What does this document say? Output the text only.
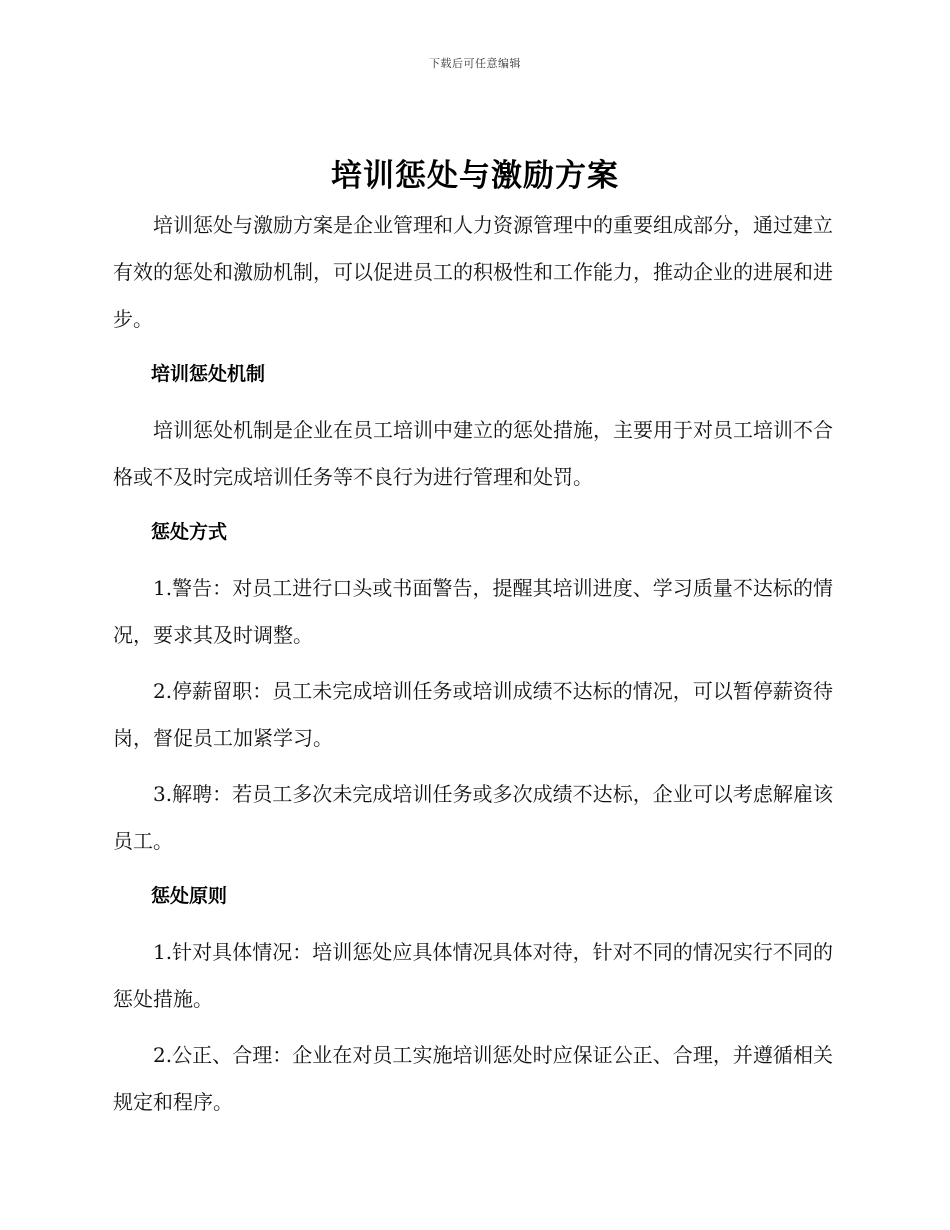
下载后可任意编辑
培训惩处与激励方案

培训惩处与激励方案是企业管理和人力资源管理中的重要组成部分，通过建立有效的惩处和激励机制，可以促进员工的积极性和工作能力，推动企业的进展和进步。

培训惩处机制

培训惩处机制是企业在员工培训中建立的惩处措施，主要用于对员工培训不合格或不及时完成培训任务等不良行为进行管理和处罚。

惩处方式

1.警告：对员工进行口头或书面警告，提醒其培训进度、学习质量不达标的情况，要求其及时调整。

2.停薪留职：员工未完成培训任务或培训成绩不达标的情况，可以暂停薪资待岗，督促员工加紧学习。

3.解聘：若员工多次未完成培训任务或多次成绩不达标，企业可以考虑解雇该员工。

惩处原则

1.针对具体情况：培训惩处应具体情况具体对待，针对不同的情况实行不同的惩处措施。

2.公正、合理：企业在对员工实施培训惩处时应保证公正、合理，并遵循相关规定和程序。
